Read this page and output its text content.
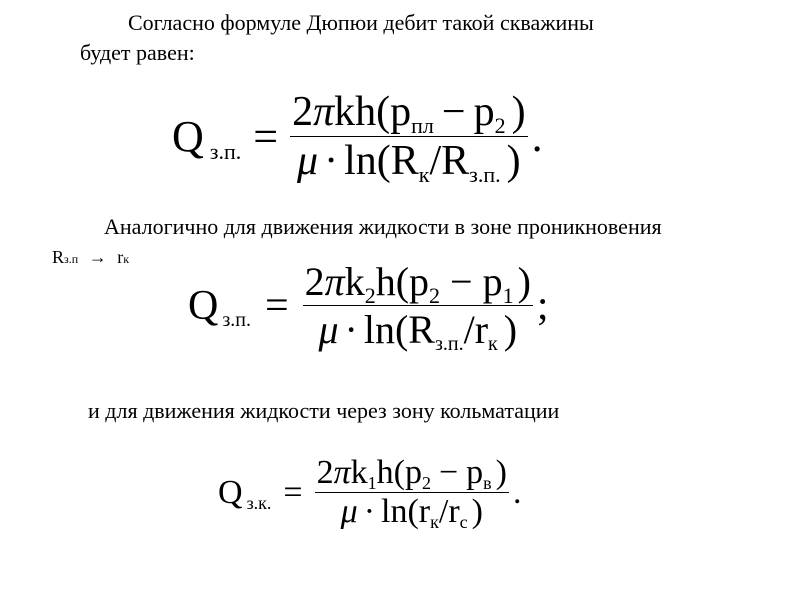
Согласно формуле Дюпюи дебит такой скважины
будет равен:
Q з.п. = 2 π kh ( p пл − p 2 )
μ · ln( R к / R з.п. ) .
Аналогично для движения жидкости в зоне проникновения
Rз.п → rк
Q з.п. =
2 π k 2 h ( p 2 − p 1 )
μ · ln( R з.п. / r к )
;
и для движения жидкости через зону кольматации
Q з.к. =
2 π k 1 h ( p 2 − p в )
μ · ln( r к / r с )
.
